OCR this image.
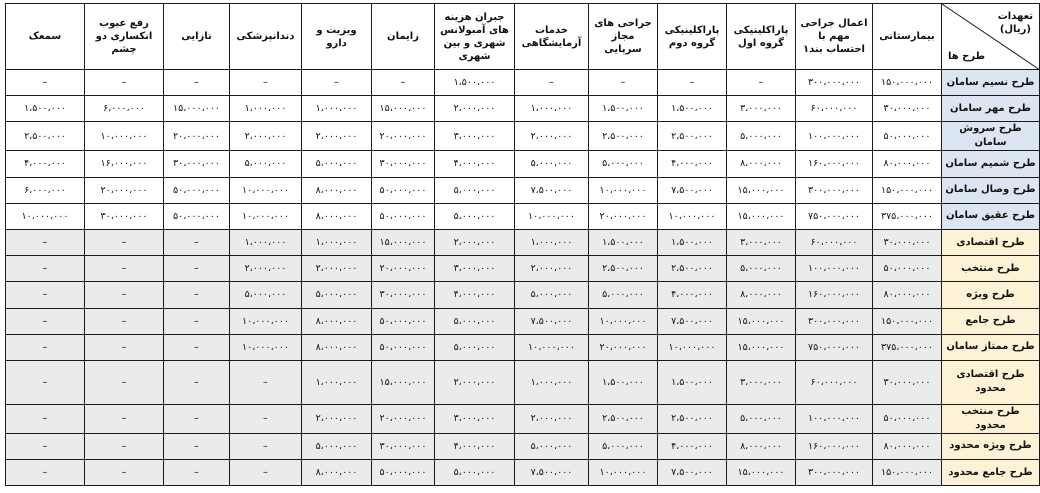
تعهدات
(ریال)
طرح ها	بیمارستانی	اعمال جراحی مهم با احتساب بند۱	پاراکلینیکی گروه اول	پاراکلینیکی گروه دوم	جراحی های مجاز سرپایی	خدمات آزمایشگاهی	جبران هزینه های آمبولانس شهری و بین شهری	زایمان	ویزیت و دارو	دندانپزشکی	نازایی	رفع عیوب انکساری دو چشم	سمعک
طرح نسیم سامان	۱۵۰،۰۰۰،۰۰۰	۳۰۰،۰۰۰،۰۰۰	–	–	–	–	۱،۵۰۰،۰۰۰	–	–	–	–	–	–
طرح مهر سامان	۳۰،۰۰۰،۰۰۰	۶۰،۰۰۰،۰۰۰	۳،۰۰۰،۰۰۰	۱،۵۰۰،۰۰۰	۱،۵۰۰،۰۰۰	۱،۰۰۰،۰۰۰	۲،۰۰۰،۰۰۰	۱۵،۰۰۰،۰۰۰	۱،۰۰۰،۰۰۰	۱،۰۰۰،۰۰۰	۱۵،۰۰۰،۰۰۰	۶،۰۰۰،۰۰۰	۱،۵۰۰،۰۰۰
طرح سروش سامان	۵۰،۰۰۰،۰۰۰	۱۰۰،۰۰۰،۰۰۰	۵،۰۰۰،۰۰۰	۲،۵۰۰،۰۰۰	۲،۵۰۰،۰۰۰	۲،۰۰۰،۰۰۰	۳،۰۰۰،۰۰۰	۲۰،۰۰۰،۰۰۰	۲،۰۰۰،۰۰۰	۲،۰۰۰،۰۰۰	۲۰،۰۰۰،۰۰۰	۱۰،۰۰۰،۰۰۰	۲،۵۰۰،۰۰۰
طرح شمیم سامان	۸۰،۰۰۰،۰۰۰	۱۶۰،۰۰۰،۰۰۰	۸،۰۰۰،۰۰۰	۴،۰۰۰،۰۰۰	۵،۰۰۰،۰۰۰	۵،۰۰۰،۰۰۰	۴،۰۰۰،۰۰۰	۳۰،۰۰۰،۰۰۰	۵،۰۰۰،۰۰۰	۵،۰۰۰،۰۰۰	۳۰،۰۰۰،۰۰۰	۱۶،۰۰۰،۰۰۰	۴،۰۰۰،۰۰۰
طرح وصال سامان	۱۵۰،۰۰۰،۰۰۰	۳۰۰،۰۰۰،۰۰۰	۱۵،۰۰۰،۰۰۰	۷،۵۰۰،۰۰۰	۱۰،۰۰۰،۰۰۰	۷،۵۰۰،۰۰۰	۵،۰۰۰،۰۰۰	۵۰،۰۰۰،۰۰۰	۸،۰۰۰،۰۰۰	۱۰،۰۰۰،۰۰۰	۵۰،۰۰۰،۰۰۰	۲۰،۰۰۰،۰۰۰	۶،۰۰۰،۰۰۰
طرح عقیق سامان	۳۷۵،۰۰۰،۰۰۰	۷۵۰،۰۰۰،۰۰۰	۱۵،۰۰۰،۰۰۰	۱۰،۰۰۰،۰۰۰	۲۰،۰۰۰،۰۰۰	۱۰،۰۰۰،۰۰۰	۵،۰۰۰،۰۰۰	۵۰،۰۰۰،۰۰۰	۸،۰۰۰،۰۰۰	۱۰،۰۰۰،۰۰۰	۵۰،۰۰۰،۰۰۰	۳۰،۰۰۰،۰۰۰	۱۰،۰۰۰،۰۰۰
طرح اقتصادی	۳۰،۰۰۰،۰۰۰	۶۰،۰۰۰،۰۰۰	۳،۰۰۰،۰۰۰	۱،۵۰۰،۰۰۰	۱،۵۰۰،۰۰۰	۱،۰۰۰،۰۰۰	۲،۰۰۰،۰۰۰	۱۵،۰۰۰،۰۰۰	۱،۰۰۰،۰۰۰	۱،۰۰۰،۰۰۰	–	–	–
طرح منتخب	۵۰،۰۰۰،۰۰۰	۱۰۰،۰۰۰،۰۰۰	۵،۰۰۰،۰۰۰	۲،۵۰۰،۰۰۰	۲،۵۰۰،۰۰۰	۲،۰۰۰،۰۰۰	۳،۰۰۰،۰۰۰	۲۰،۰۰۰،۰۰۰	۲،۰۰۰،۰۰۰	۲،۰۰۰،۰۰۰	–	–	–
طرح ویژه	۸۰،۰۰۰،۰۰۰	۱۶۰،۰۰۰،۰۰۰	۸،۰۰۰،۰۰۰	۴،۰۰۰،۰۰۰	۵،۰۰۰،۰۰۰	۵،۰۰۰،۰۰۰	۴،۰۰۰،۰۰۰	۳۰،۰۰۰،۰۰۰	۵،۰۰۰،۰۰۰	۵،۰۰۰،۰۰۰	–	–	–
طرح جامع	۱۵۰،۰۰۰،۰۰۰	۳۰۰،۰۰۰،۰۰۰	۱۵،۰۰۰،۰۰۰	۷،۵۰۰،۰۰۰	۱۰،۰۰۰،۰۰۰	۷،۵۰۰،۰۰۰	۵،۰۰۰،۰۰۰	۵۰،۰۰۰،۰۰۰	۸،۰۰۰،۰۰۰	۱۰،۰۰۰،۰۰۰	–	–	–
طرح ممتاز سامان	۳۷۵،۰۰۰،۰۰۰	۷۵۰،۰۰۰،۰۰۰	۱۵،۰۰۰،۰۰۰	۱۰،۰۰۰،۰۰۰	۲۰،۰۰۰،۰۰۰	۱۰،۰۰۰،۰۰۰	۵،۰۰۰،۰۰۰	۵۰،۰۰۰،۰۰۰	۸،۰۰۰،۰۰۰	۱۰،۰۰۰،۰۰۰	–	–	–
طرح اقتصادی محدود	۳۰،۰۰۰،۰۰۰	۶۰،۰۰۰،۰۰۰	۳،۰۰۰،۰۰۰	۱،۵۰۰،۰۰۰	۱،۵۰۰،۰۰۰	۱،۰۰۰،۰۰۰	۲،۰۰۰،۰۰۰	۱۵،۰۰۰،۰۰۰	۱،۰۰۰،۰۰۰	–	–	–	–
طرح منتخب محدود	۵۰،۰۰۰،۰۰۰	۱۰۰،۰۰۰،۰۰۰	۵،۰۰۰،۰۰۰	۲،۵۰۰،۰۰۰	۲،۵۰۰،۰۰۰	۲،۰۰۰،۰۰۰	۳،۰۰۰،۰۰۰	۲۰،۰۰۰،۰۰۰	۲،۰۰۰،۰۰۰	–	–	–	–
طرح ویژه محدود	۸۰،۰۰۰،۰۰۰	۱۶۰،۰۰۰،۰۰۰	۸،۰۰۰،۰۰۰	۴،۰۰۰،۰۰۰	۵،۰۰۰،۰۰۰	۵،۰۰۰،۰۰۰	۴،۰۰۰،۰۰۰	۳۰،۰۰۰،۰۰۰	۵،۰۰۰،۰۰۰	–	–	–	–
طرح جامع محدود	۱۵۰،۰۰۰،۰۰۰	۳۰۰،۰۰۰،۰۰۰	۱۵،۰۰۰،۰۰۰	۷،۵۰۰،۰۰۰	۱۰،۰۰۰،۰۰۰	۷،۵۰۰،۰۰۰	۵،۰۰۰،۰۰۰	۵۰،۰۰۰،۰۰۰	۸،۰۰۰،۰۰۰	–	–	–	–
